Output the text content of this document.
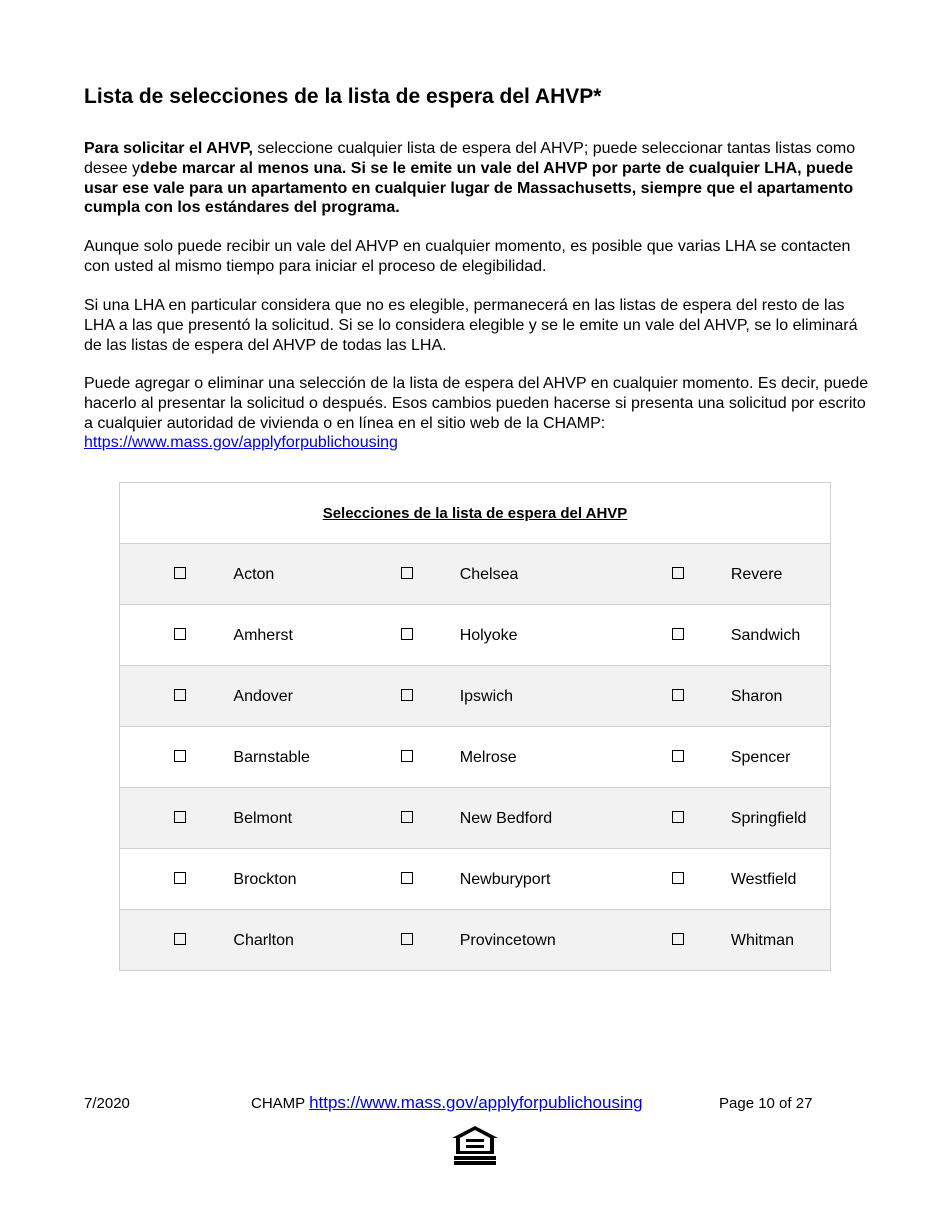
Lista de selecciones de la lista de espera del AHVP*

Para solicitar el AHVP, seleccione cualquier lista de espera del AHVP; puede seleccionar tantas listas como desee ydebe marcar al menos una. Si se le emite un vale del AHVP por parte de cualquier LHA, puede usar ese vale para un apartamento en cualquier lugar de Massachusetts, siempre que el apartamento cumpla con los estándares del programa.

Aunque solo puede recibir un vale del AHVP en cualquier momento, es posible que varias LHA se contacten con usted al mismo tiempo para iniciar el proceso de elegibilidad.

Si una LHA en particular considera que no es elegible, permanecerá en las listas de espera del resto de las LHA a las que presentó la solicitud. Si se lo considera elegible y se le emite un vale del AHVP, se lo eliminará de las listas de espera del AHVP de todas las LHA.

Puede agregar o eliminar una selección de la lista de espera del AHVP en cualquier momento. Es decir, puede hacerlo al presentar la solicitud o después. Esos cambios pueden hacerse si presenta una solicitud por escrito a cualquier autoridad de vivienda o en línea en el sitio web de la CHAMP:
https://www.mass.gov/applyforpublichousing

Selecciones de la lista de espera del AHVP								
		Acton			Chelsea			Revere
		Amherst			Holyoke			Sandwich
		Andover			Ipswich			Sharon
		Barnstable			Melrose			Spencer
		Belmont			New Bedford			Springfield
		Brockton			Newburyport			Westfield
		Charlton			Provincetown			Whitman
7/2020	CHAMP https://www.mass.gov/applyforpublichousing	Page 10 of 27
